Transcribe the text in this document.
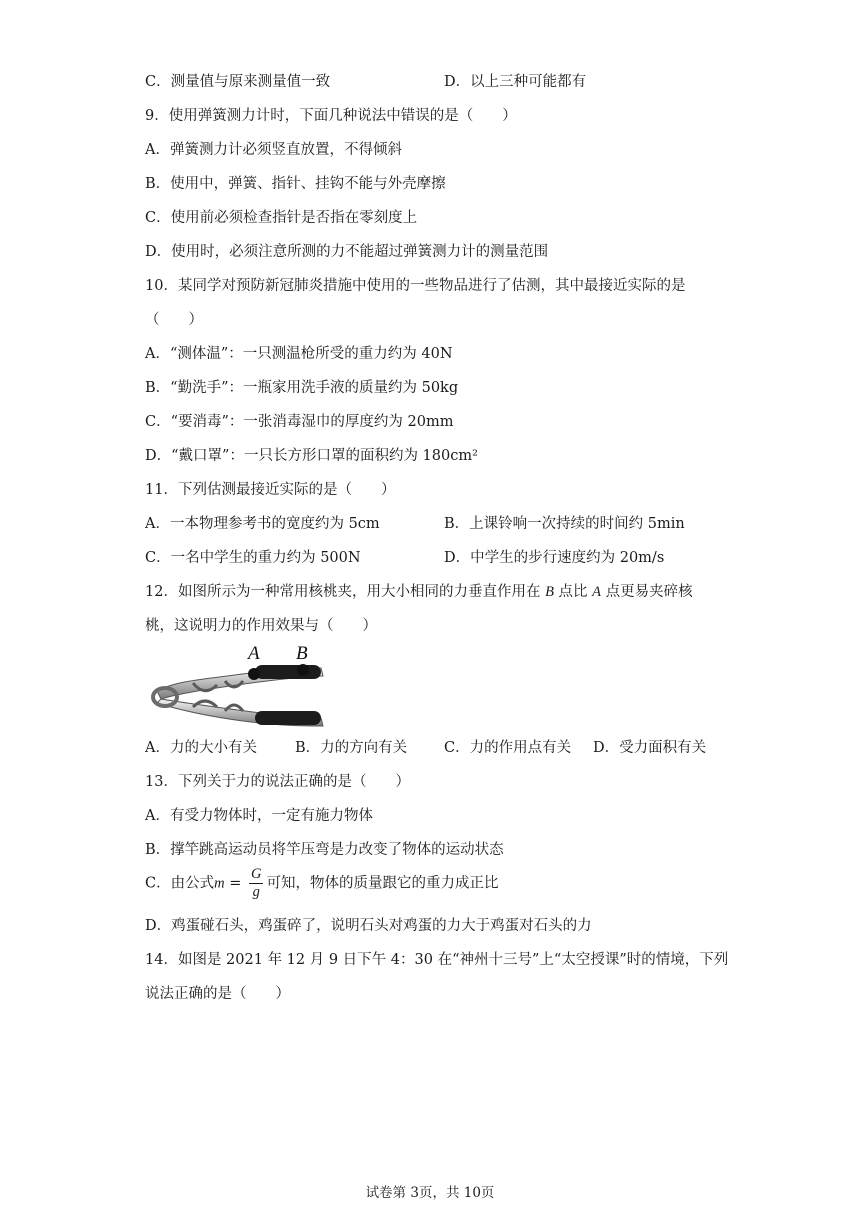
C．测量值与原来测量值一致	D．以上三种可能都有
9．使用弹簧测力计时，下面几种说法中错误的是（　　）
A．弹簧测力计必须竖直放置，不得倾斜
B．使用中，弹簧、指针、挂钩不能与外壳摩擦
C．使用前必须检查指针是否指在零刻度上
D．使用时，必须注意所测的力不能超过弹簧测力计的测量范围
10．某同学对预防新冠肺炎措施中使用的一些物品进行了估测，其中最接近实际的是
（　　）
A．“测体温”：一只测温枪所受的重力约为 40N
B．“勤洗手”：一瓶家用洗手液的质量约为 50kg
C．“要消毒”：一张消毒湿巾的厚度约为 20mm
D．“戴口罩”：一只长方形口罩的面积约为 180cm²
11．下列估测最接近实际的是（　　）
A．一本物理参考书的宽度约为 5cm	B．上课铃响一次持续的时间约 5min
C．一名中学生的重力约为 500N	D．中学生的步行速度约为 20m/s
12．如图所示为一种常用核桃夹，用大小相同的力垂直作用在 B 点比 A 点更易夹碎核
桃，这说明力的作用效果与（　　）
A B
A．力的大小有关	B．力的方向有关	C．力的作用点有关 D．受力面积有关
13．下列关于力的说法正确的是（　　）
A．有受力物体时，一定有施力物体
B．撑竿跳高运动员将竿压弯是力改变了物体的运动状态
C．由公式$m = \frac{G}{g}$ 可知，物体的质量跟它的重力成正比
D．鸡蛋碰石头，鸡蛋碎了，说明石头对鸡蛋的力大于鸡蛋对石头的力
14．如图是 2021 年 12 月 9 日下午 4：30 在“神州十三号”上“太空授课”时的情境，下列
说法正确的是（　　）
试卷第 3页，共 10页
